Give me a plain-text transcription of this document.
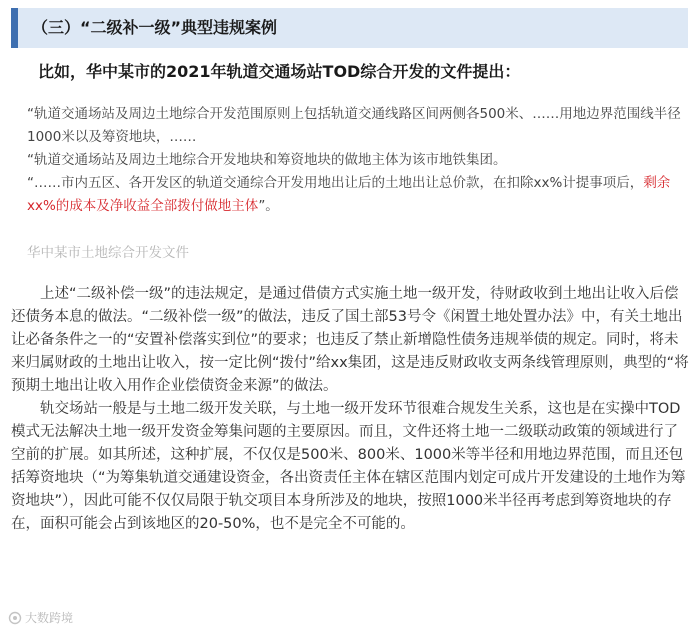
（三）“二级补一级”典型违规案例
比如，华中某市的2021年轨道交通场站TOD综合开发的文件提出：

“轨道交通场站及周边土地综合开发范围原则上包括轨道交通线路区间两侧各500米、……用地边界范围线半径1000米以及筹资地块，……

“轨道交通场站及周边土地综合开发地块和筹资地块的做地主体为该市地铁集团。

“……市内五区、各开发区的轨道交通综合开发用地出让后的土地出让总价款，在扣除xx%计提事项后，剩余xx%的成本及净收益全部拨付做地主体”。

华中某市土地综合开发文件

上述“二级补偿一级”的违法规定，是通过借债方式实施土地一级开发，待财政收到土地出让收入后偿还债务本息的做法。“二级补偿一级”的做法，违反了国土部53号令《闲置土地处置办法》中，有关土地出让必备条件之一的“安置补偿落实到位”的要求；也违反了禁止新增隐性债务违规举债的规定。同时，将未来归属财政的土地出让收入，按一定比例“拨付”给xx集团，这是违反财政收支两条线管理原则，典型的“将预期土地出让收入用作企业偿债资金来源”的做法。

轨交场站一般是与土地二级开发关联，与土地一级开发环节很难合规发生关系，这也是在实操中TOD模式无法解决土地一级开发资金筹集问题的主要原因。而且，文件还将土地一二级联动政策的领域进行了空前的扩展。如其所述，这种扩展，不仅仅是500米、800米、1000米等半径和用地边界范围，而且还包括筹资地块（“为筹集轨道交通建设资金，各出资责任主体在辖区范围内划定可成片开发建设的土地作为筹资地块”），因此可能不仅仅局限于轨交项目本身所涉及的地块，按照1000米半径再考虑到筹资地块的存在，面积可能会占到该地区的20-50%，也不是完全不可能的。

大数跨境
